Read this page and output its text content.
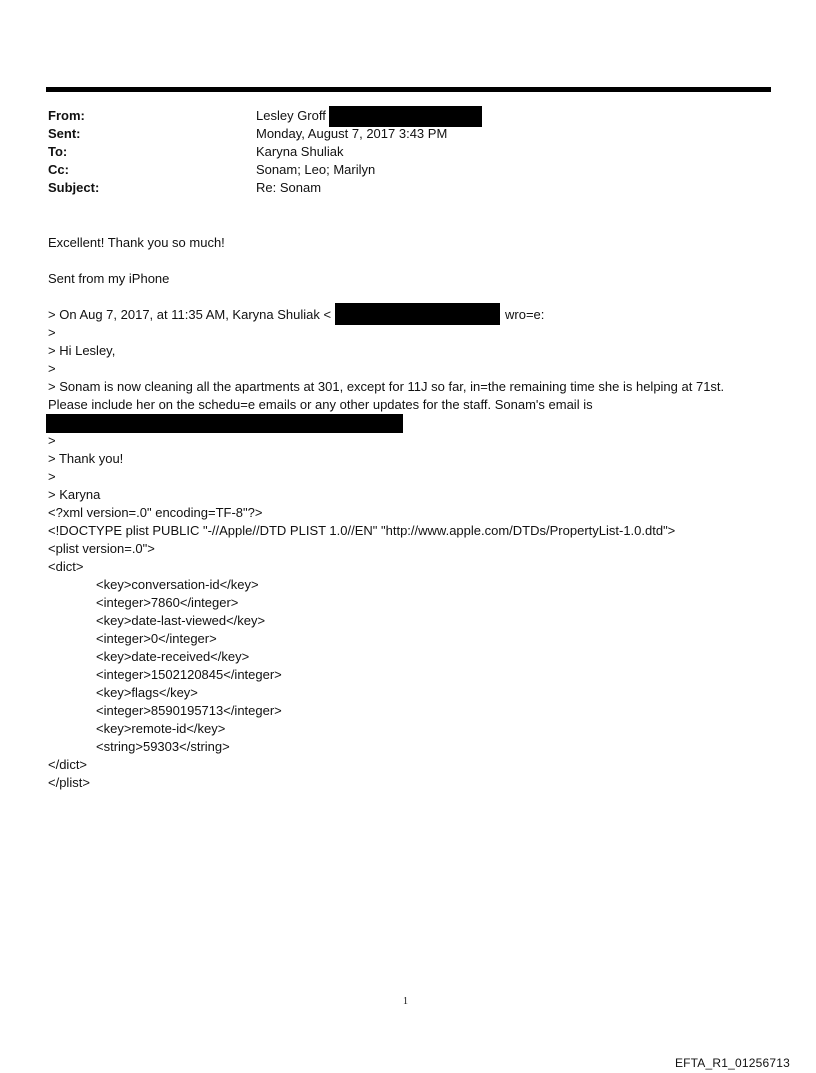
From:	Lesley Groff
Sent:	Monday, August 7, 2017 3:43 PM
To:	Karyna Shuliak
Cc:	Sonam; Leo; Marilyn
Subject:	Re: Sonam
Excellent! Thank you so much!
Sent from my iPhone
> On Aug 7, 2017, at 11:35 AM, Karyna Shuliak <	wro=e:
>
> Hi Lesley,
>
> Sonam is now cleaning all the apartments at 301, except for 11J so far, in=the remaining time she is helping at 71st.
Please include her on the schedu=e emails or any other updates for the staff. Sonam's email is
>
> Thank you!
>
> Karyna
<?xml version=.0" encoding=TF-8"?>
<!DOCTYPE plist PUBLIC "-//Apple//DTD PLIST 1.0//EN" "http://www.apple.com/DTDs/PropertyList-1.0.dtd">
<plist version=.0">
<dict>
<key>conversation-id</key>
<integer>7860</integer>
<key>date-last-viewed</key>
<integer>0</integer>
<key>date-received</key>
<integer>1502120845</integer>
<key>flags</key>
<integer>8590195713</integer>
<key>remote-id</key>
<string>59303</string>
</dict>
</plist>
1
EFTA_R1_01256713
